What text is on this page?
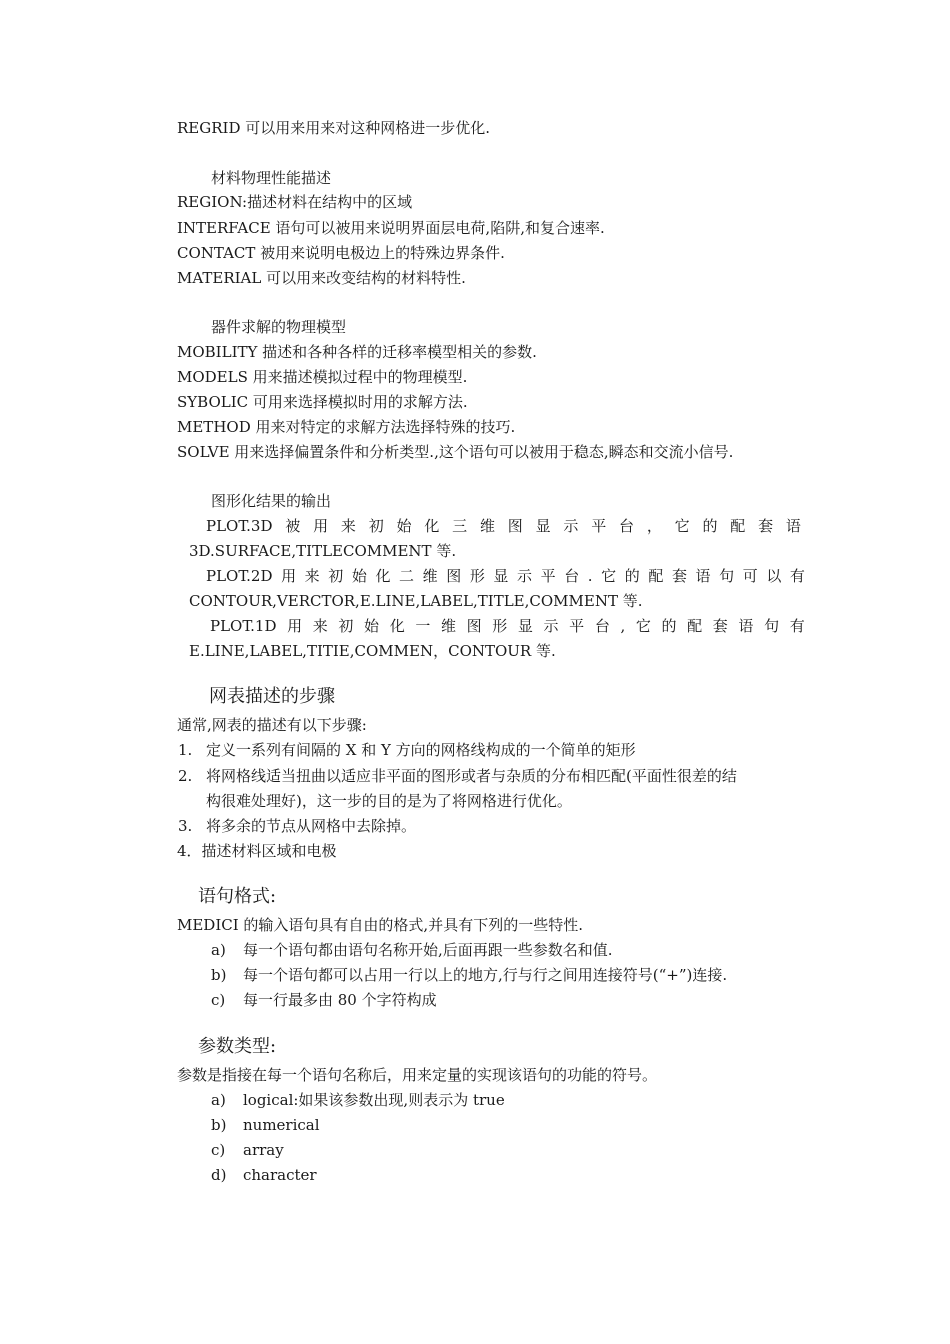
REGRID 可以用来用来对这种网格进一步优化.
材料物理性能描述
REGION:描述材料在结构中的区域
INTERFACE 语句可以被用来说明界面层电荷,陷阱,和复合速率.
CONTACT 被用来说明电极边上的特殊边界条件.
MATERIAL 可以用来改变结构的材料特性.
器件求解的物理模型
MOBILITY 描述和各种各样的迁移率模型相关的参数.
MODELS 用来描述模拟过程中的物理模型.
SYBOLIC 可用来选择模拟时用的求解方法.
METHOD 用来对特定的求解方法选择特殊的技巧.
SOLVE 用来选择偏置条件和分析类型.,这个语句可以被用于稳态,瞬态和交流小信号.
图形化结果的输出
PLOT.3D 被 用 来 初 始 化 三 维 图 显 示 平 台 ， 它 的 配 套 语
3D.SURFACE,TITLECOMMENT 等.
PLOT.2D 用 来 初 始 化 二 维 图 形 显 示 平 台 . 它 的 配 套 语 句 可 以 有
CONTOUR,VERCTOR,E.LINE,LABEL,TITLE,COMMENT 等.
PLOT.1D 用 来 初 始 化 一 维 图 形 显 示 平 台 , 它 的 配 套 语 句 有
E.LINE,LABEL,TITIE,COMMEN，CONTOUR 等.
网表描述的步骤
通常,网表的描述有以下步骤:
1. 定义一系列有间隔的 X 和 Y 方向的网格线构成的一个简单的矩形
2. 将网格线适当扭曲以适应非平面的图形或者与杂质的分布相匹配(平面性很差的结
构很难处理好)，这一步的目的是为了将网格进行优化。
3. 将多余的节点从网格中去除掉。
4．描述材料区域和电极
语句格式:
MEDICI 的输入语句具有自由的格式,并具有下列的一些特性.
a) 每一个语句都由语句名称开始,后面再跟一些参数名和值.
b) 每一个语句都可以占用一行以上的地方,行与行之间用连接符号(“+”)连接.
c) 每一行最多由 80 个字符构成
参数类型:
参数是指接在每一个语句名称后，用来定量的实现该语句的功能的符号。
a) logical:如果该参数出现,则表示为 true
b) numerical
c) array
d) character
